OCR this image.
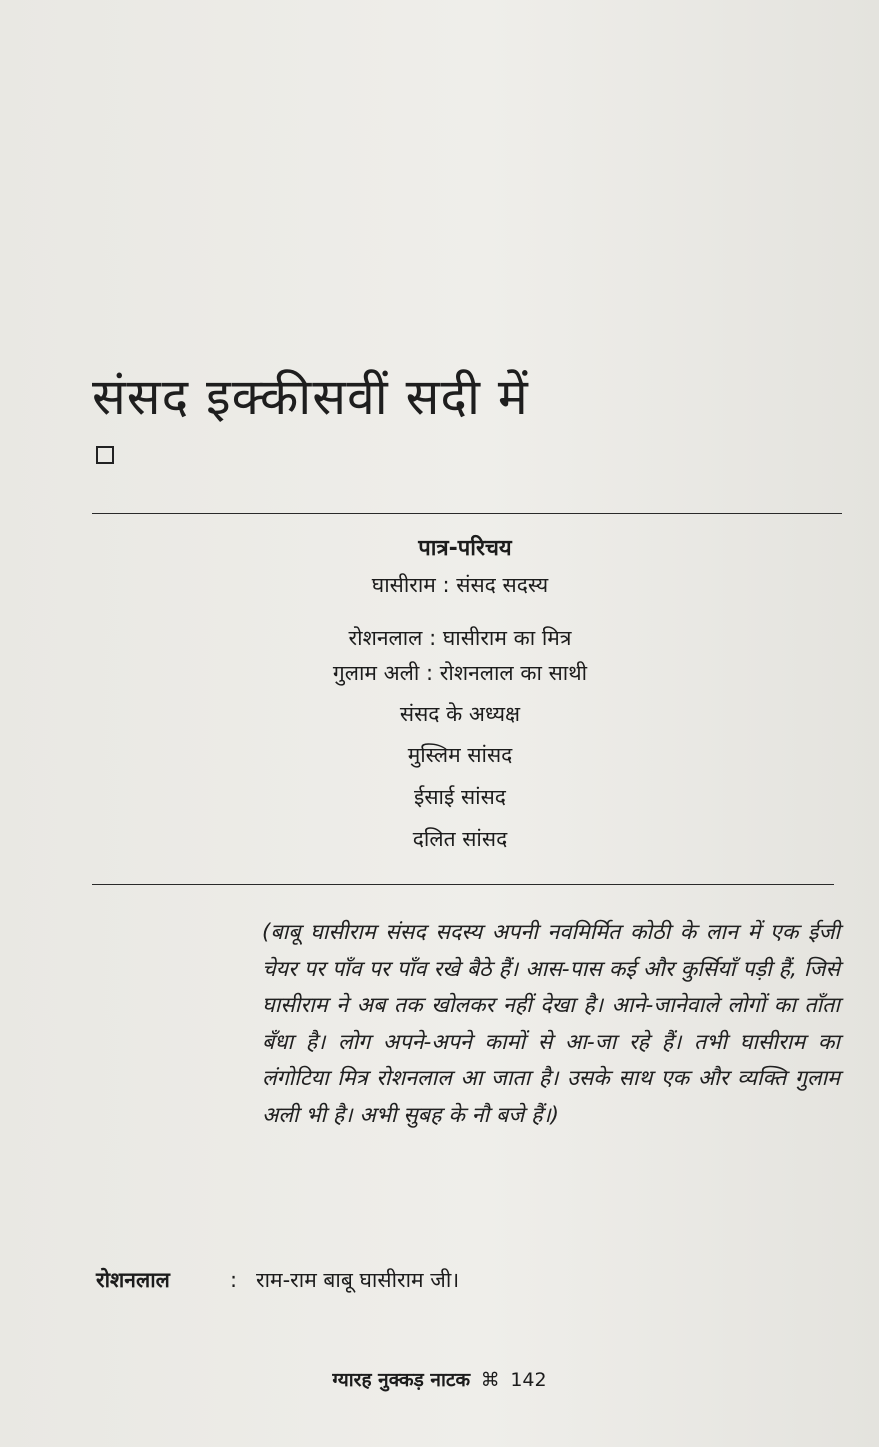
संसद इक्कीसवीं सदी में
पात्र-परिचय
घासीराम : संसद सदस्य
रोशनलाल : घासीराम का मित्र
गुलाम अली : रोशनलाल का साथी
संसद के अध्यक्ष
मुस्लिम सांसद
ईसाई सांसद
दलित सांसद
(बाबू घासीराम संसद सदस्य अपनी नवमिर्मित कोठी के लान में एक ईजी चेयर पर पाँव पर पाँव रखे बैठे हैं। आस-पास कई और कुर्सियाँ पड़ी हैं, जिसे घासीराम ने अब तक खोलकर नहीं देखा है। आने-जानेवाले लोगों का ताँता बँधा है। लोग अपने-अपने कामों से आ-जा रहे हैं। तभी घासीराम का लंगोटिया मित्र रोशनलाल आ जाता है। उसके साथ एक और व्यक्ति गुलाम अली भी है। अभी सुबह के नौ बजे हैं।)
रोशनलाल	: राम-राम बाबू घासीराम जी।
ग्यारह नुक्कड़ नाटक ⌘ 142
